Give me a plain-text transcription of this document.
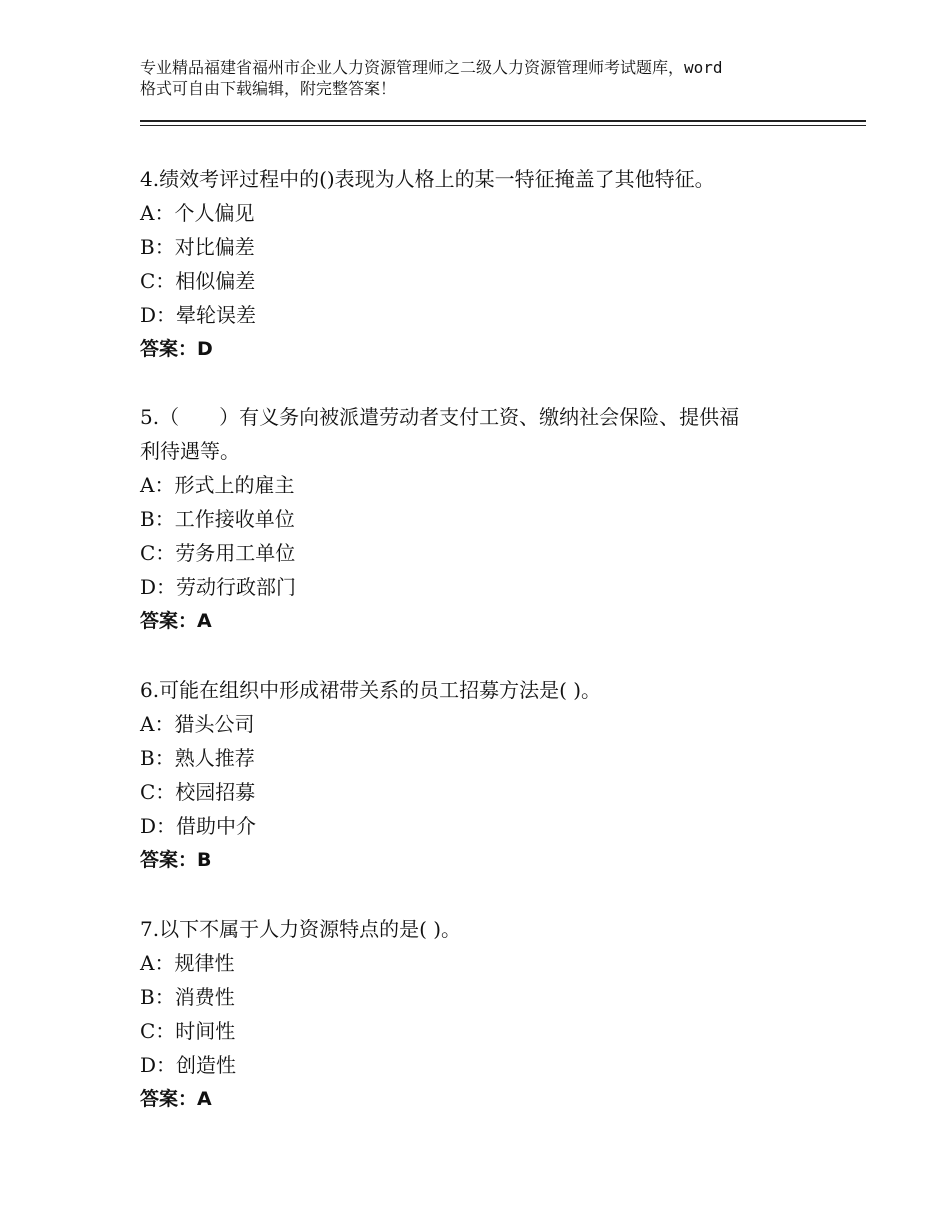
专业精品福建省福州市企业人力资源管理师之二级人力资源管理师考试题库，word
格式可自由下载编辑，附完整答案！
4.绩效考评过程中的()表现为人格上的某一特征掩盖了其他特征。
A：个人偏见
B：对比偏差
C：相似偏差
D：晕轮误差
答案：D
5.（　　）有义务向被派遣劳动者支付工资、缴纳社会保险、提供福
利待遇等。
A：形式上的雇主
B：工作接收单位
C：劳务用工单位
D：劳动行政部门
答案：A
6.可能在组织中形成裙带关系的员工招募方法是( )。
A：猎头公司
B：熟人推荐
C：校园招募
D：借助中介
答案：B
7.以下不属于人力资源特点的是( )。
A：规律性
B：消费性
C：时间性
D：创造性
答案：A
